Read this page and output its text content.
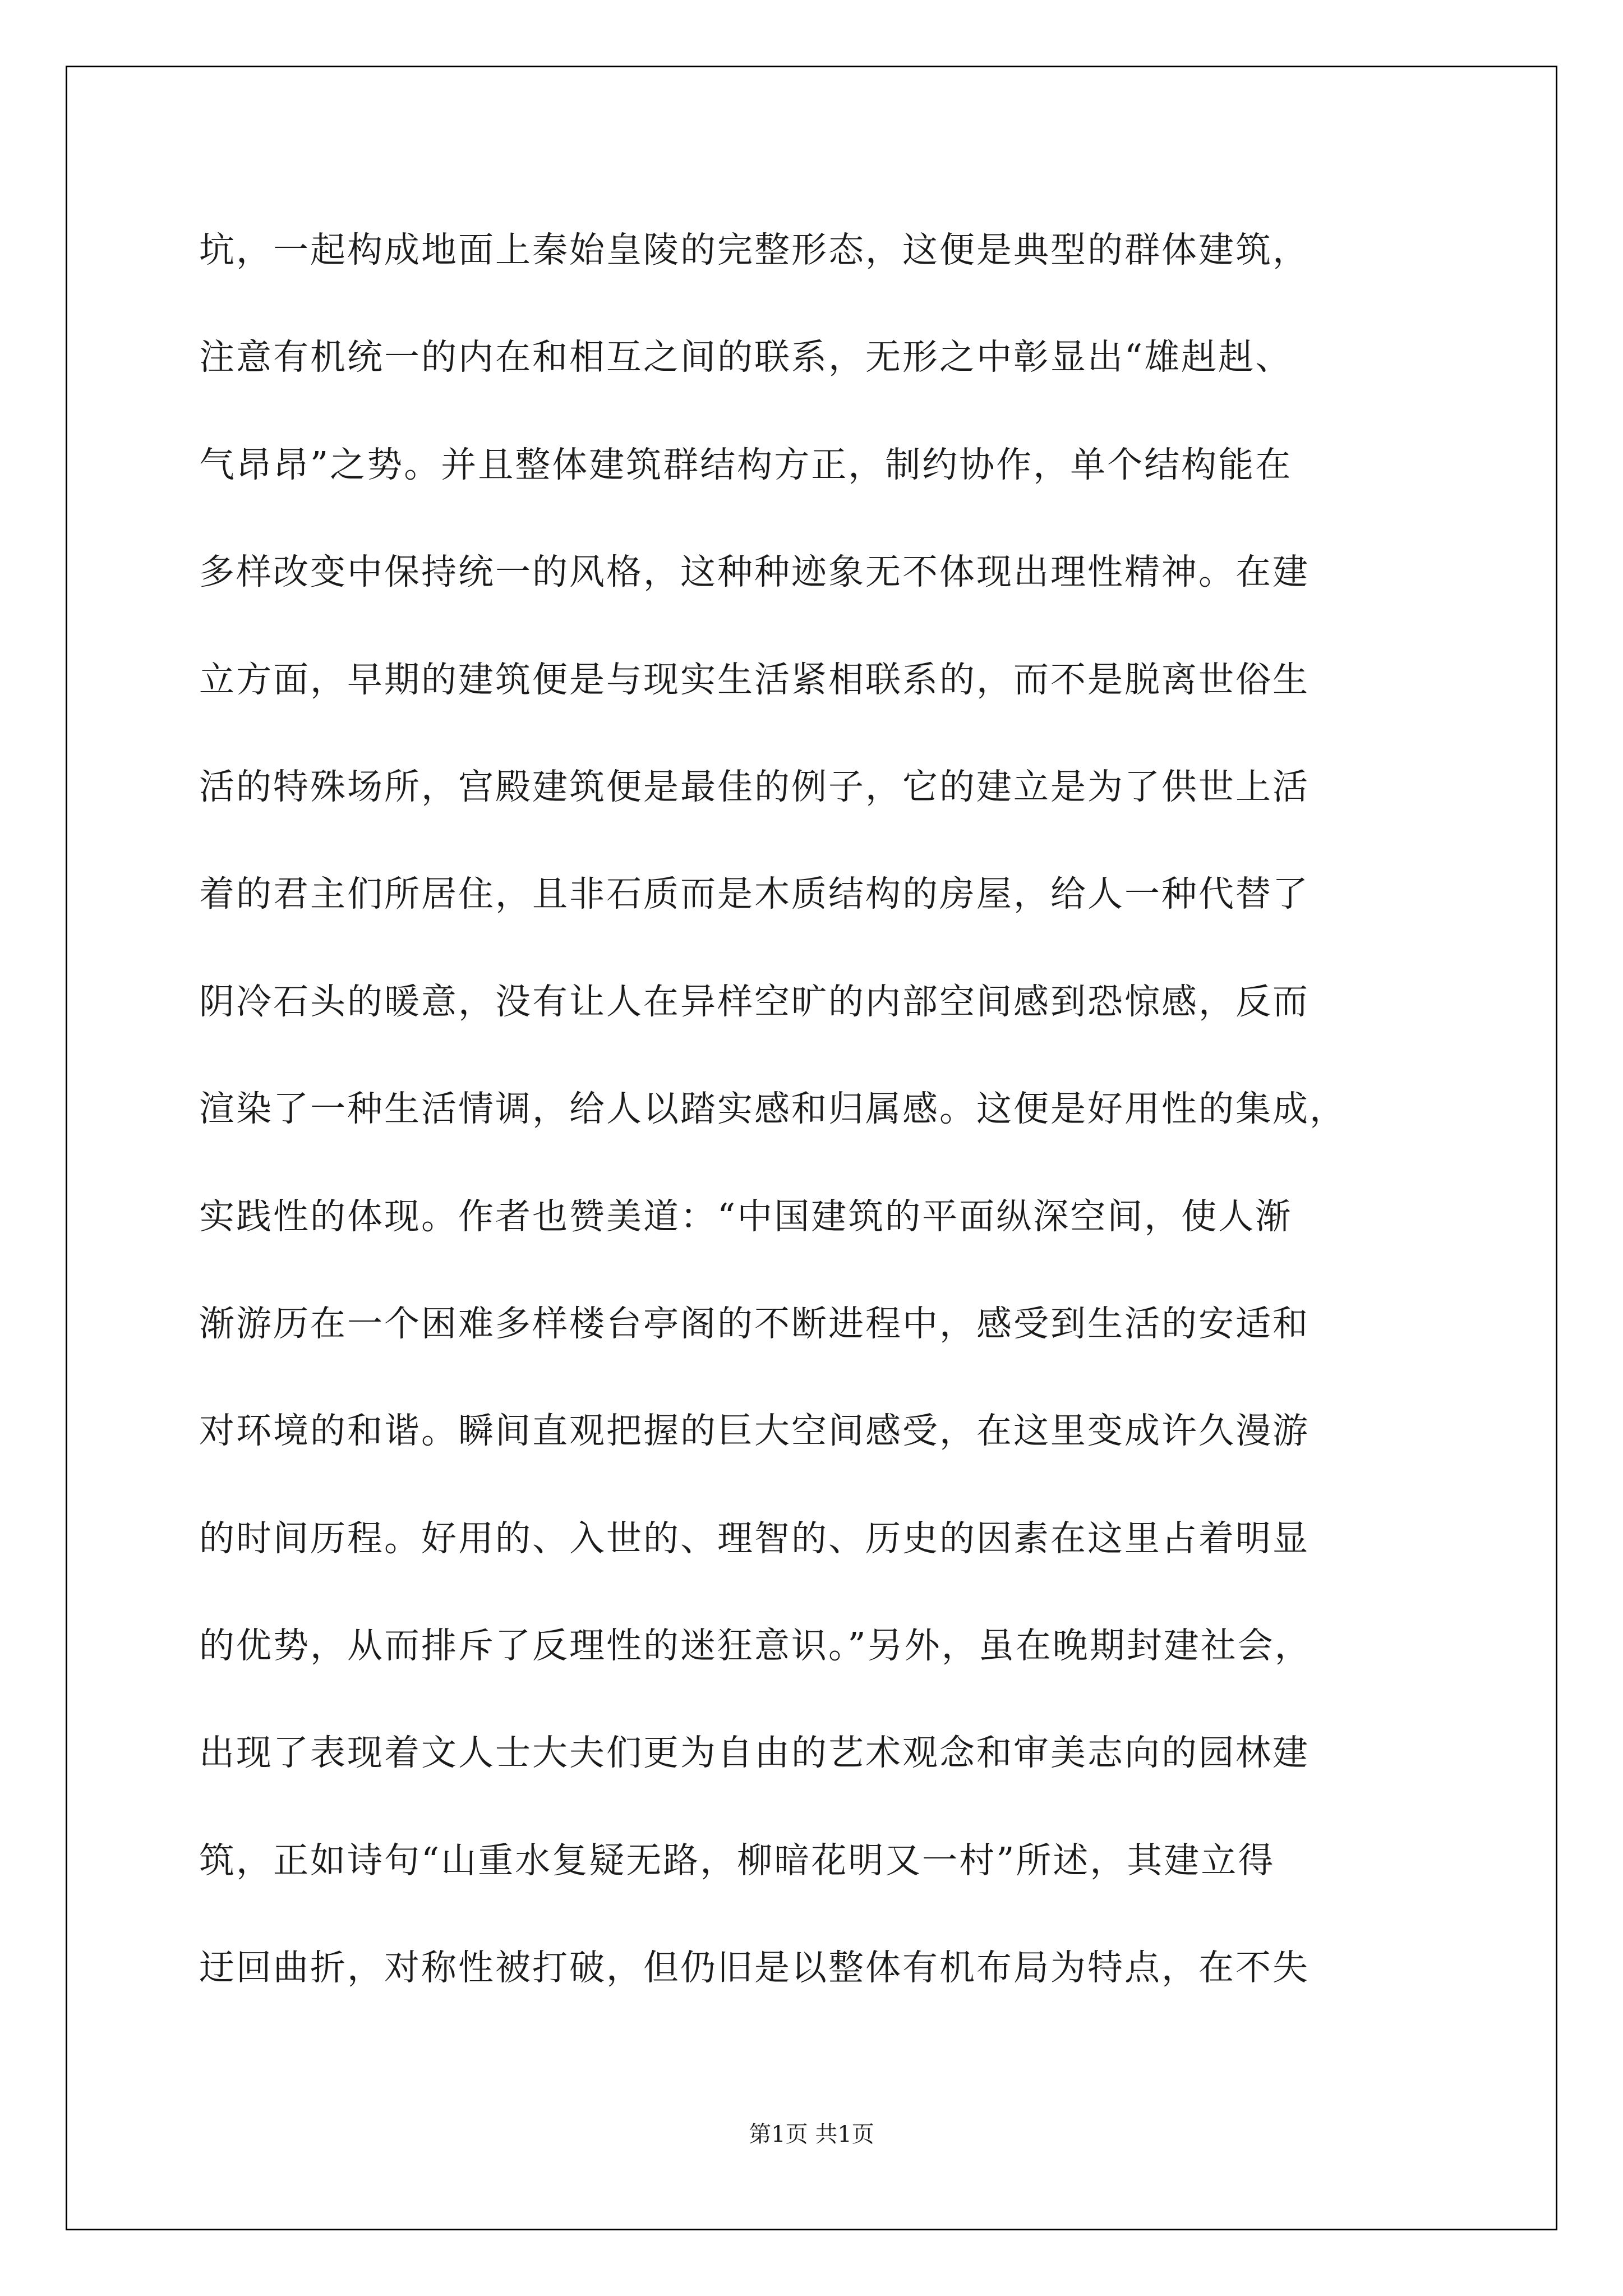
坑，一起构成地面上秦始皇陵的完整形态，这便是典型的群体建筑，
注意有机统一的内在和相互之间的联系，无形之中彰显出“雄赳赳、
气昂昂”之势。并且整体建筑群结构方正，制约协作，单个结构能在
多样改变中保持统一的风格，这种种迹象无不体现出理性精神。在建
立方面，早期的建筑便是与现实生活紧相联系的，而不是脱离世俗生
活的特殊场所，宫殿建筑便是最佳的例子，它的建立是为了供世上活
着的君主们所居住，且非石质而是木质结构的房屋，给人一种代替了
阴冷石头的暖意，没有让人在异样空旷的内部空间感到恐惊感，反而
渲染了一种生活情调，给人以踏实感和归属感。这便是好用性的集成，
实践性的体现。作者也赞美道：“中国建筑的平面纵深空间，使人渐
渐游历在一个困难多样楼台亭阁的不断进程中，感受到生活的安适和
对环境的和谐。瞬间直观把握的巨大空间感受，在这里变成许久漫游
的时间历程。好用的、入世的、理智的、历史的因素在这里占着明显
的优势，从而排斥了反理性的迷狂意识。”另外，虽在晚期封建社会，
出现了表现着文人士大夫们更为自由的艺术观念和审美志向的园林建
筑，正如诗句“山重水复疑无路，柳暗花明又一村”所述，其建立得
迂回曲折，对称性被打破，但仍旧是以整体有机布局为特点，在不失
第1页 共1页
